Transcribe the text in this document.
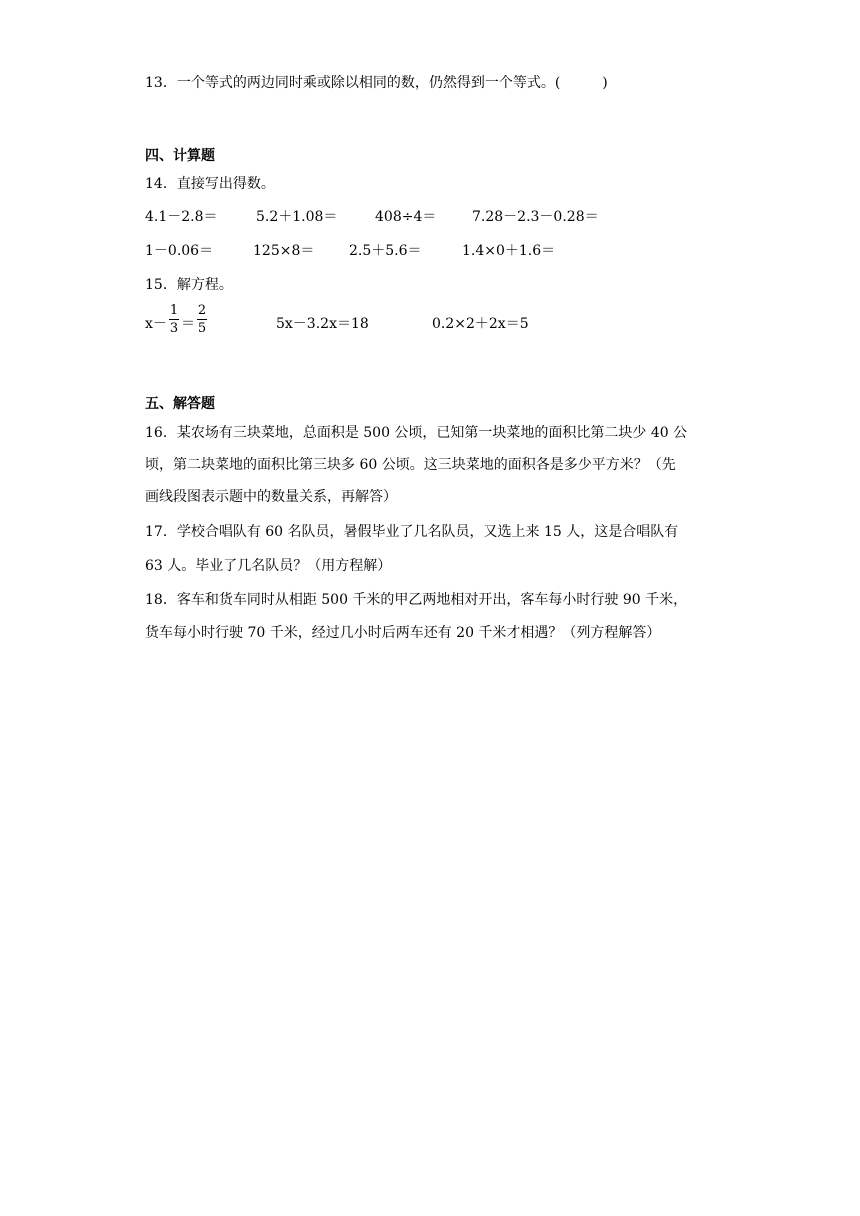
13．一个等式的两边同时乘或除以相同的数，仍然得到一个等式。(　　　)
四、计算题
14．直接写出得数。
4.1－2.8＝	5.2＋1.08＝	408÷4＝	7.28－2.3－0.28＝
1－0.06＝	125×8＝ 2.5＋5.6＝	1.4×0＋1.6＝
15．解方程。
x－
1
3 ＝
2
5	5x－3.2x＝18	0.2×2＋2x＝5
五、解答题
16．某农场有三块菜地，总面积是 500 公顷，已知第一块菜地的面积比第二块少 40 公
顷，第二块菜地的面积比第三块多 60 公顷。这三块菜地的面积各是多少平方米？（先
画线段图表示题中的数量关系，再解答）
17．学校合唱队有 60 名队员，暑假毕业了几名队员，又选上来 15 人，这是合唱队有
63 人。毕业了几名队员？（用方程解）
18．客车和货车同时从相距 500 千米的甲乙两地相对开出，客车每小时行驶 90 千米，
货车每小时行驶 70 千米，经过几小时后两车还有 20 千米才相遇？（列方程解答）
